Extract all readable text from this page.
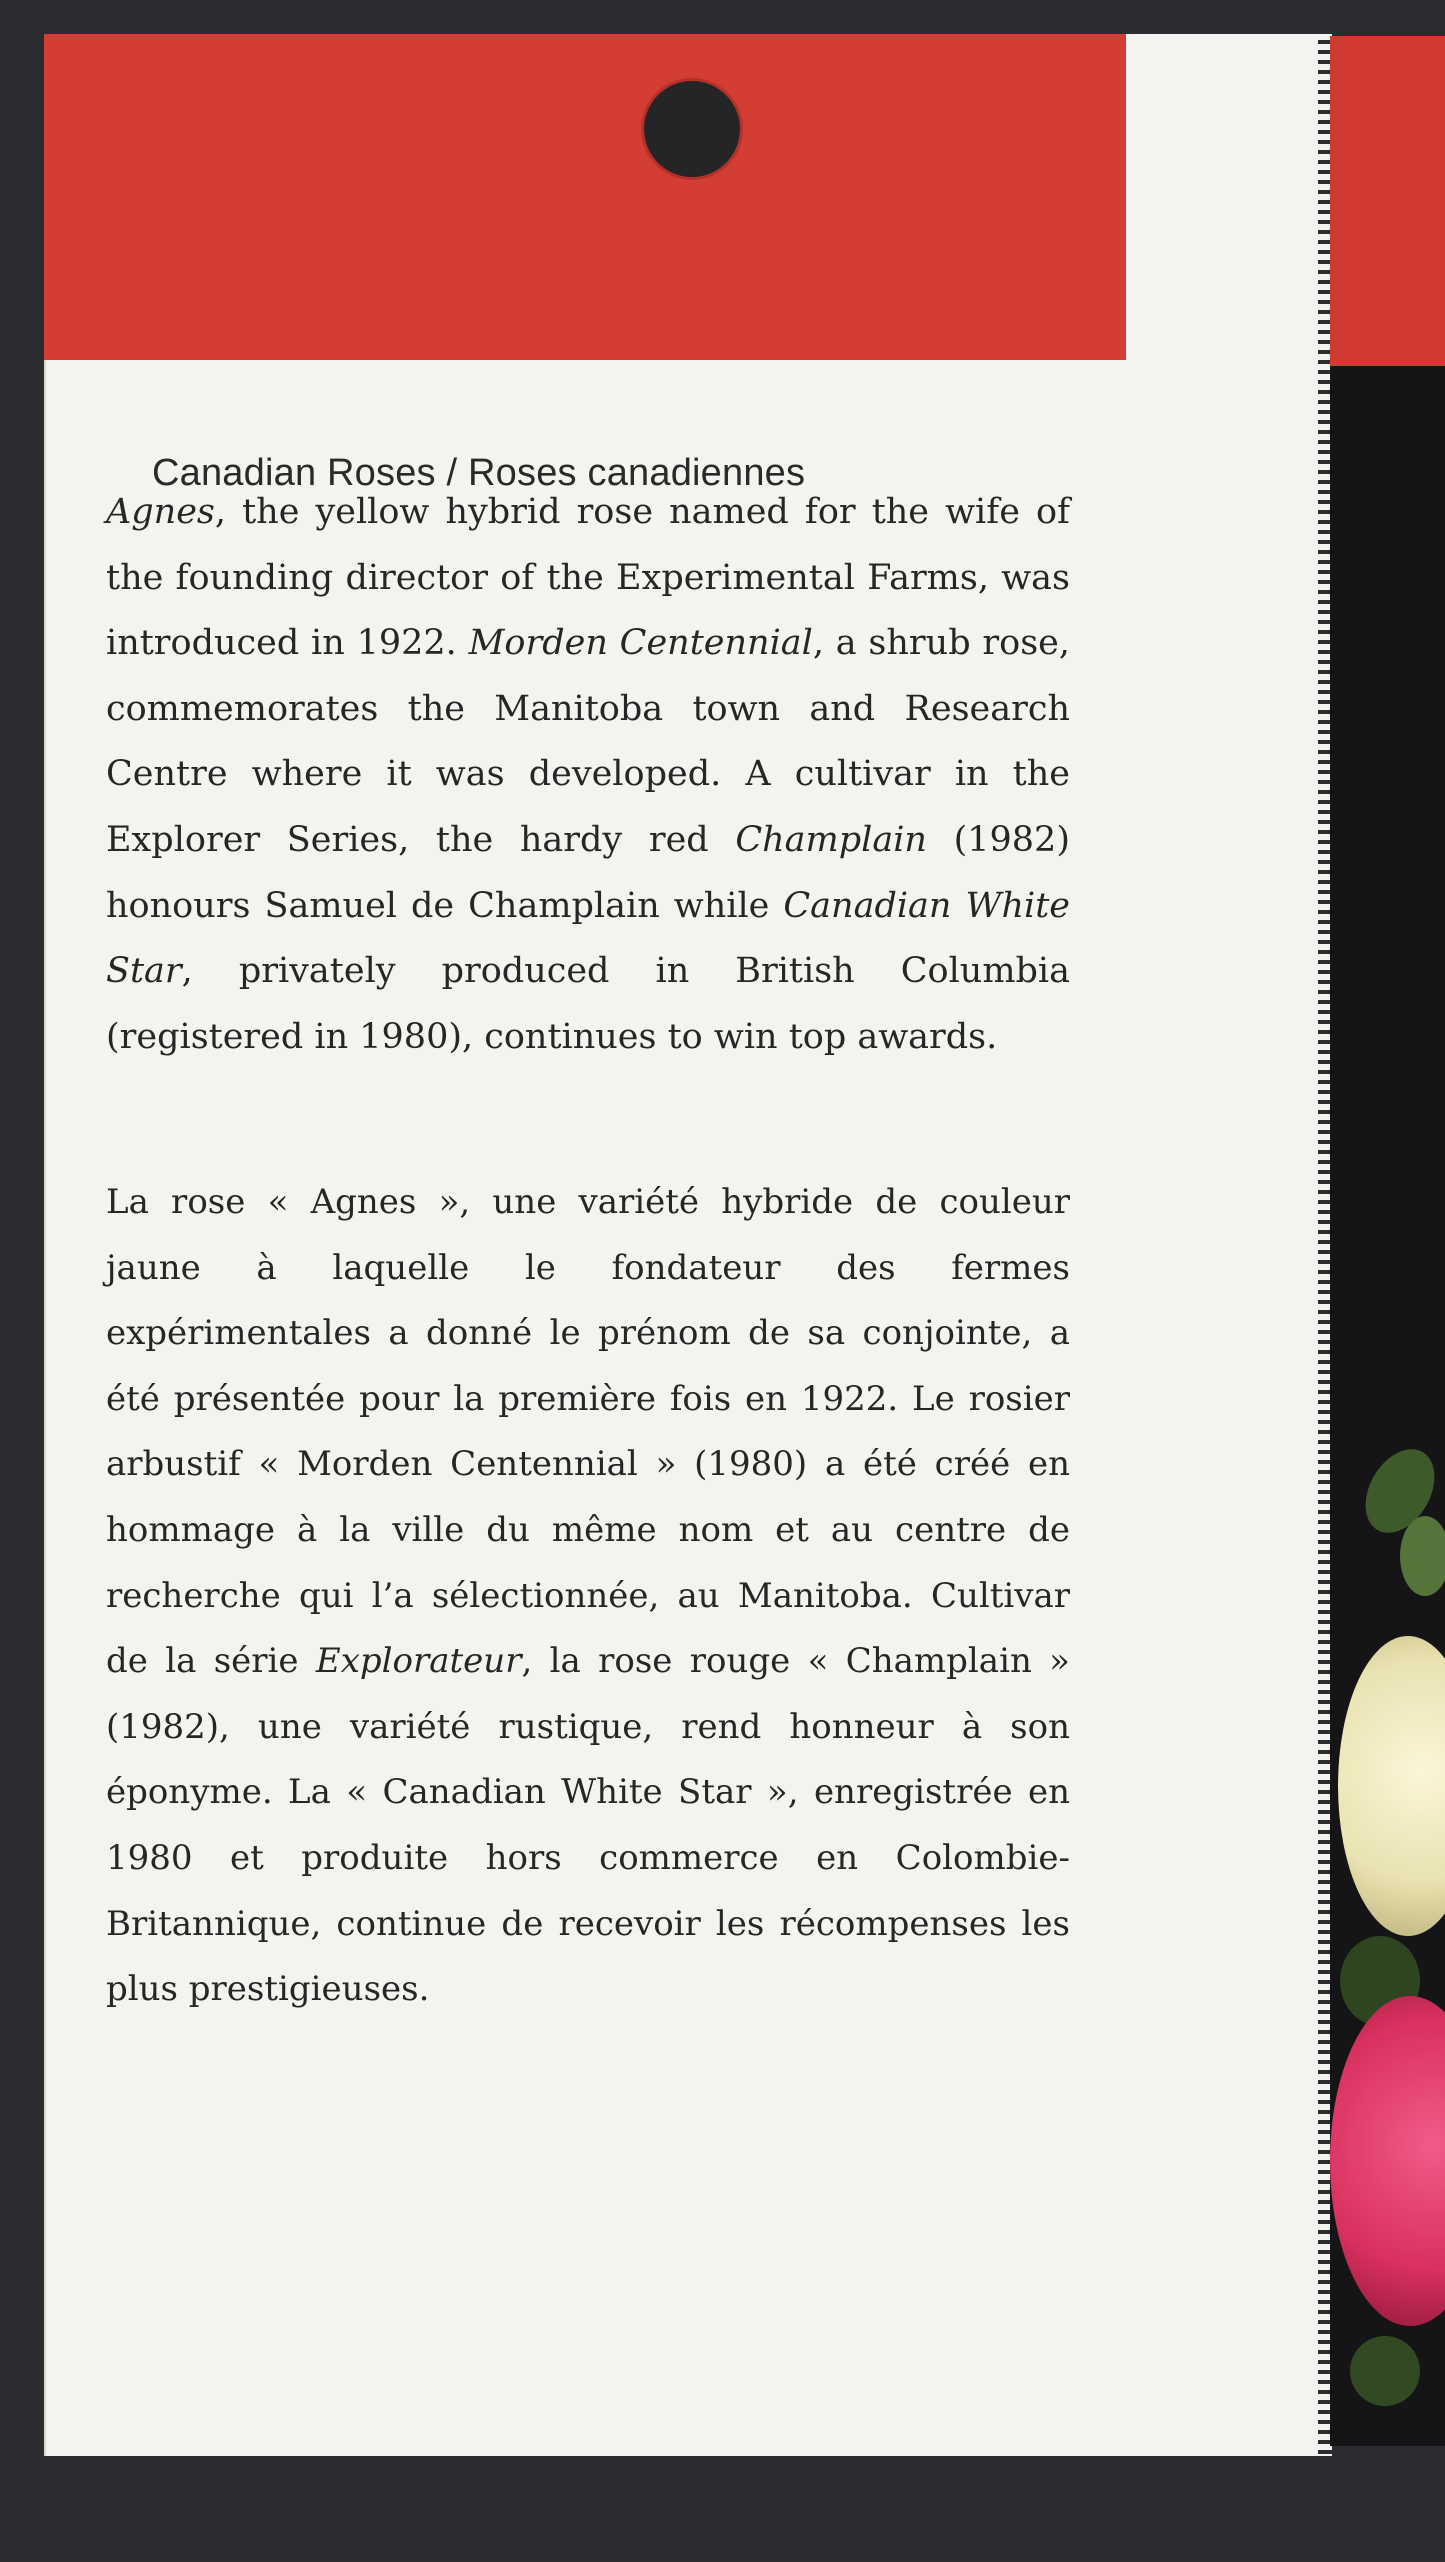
Canadian Roses / Roses canadiennes
Agnes, the yellow hybrid rose named for the wife of the founding director of the Experimental Farms, was introduced in 1922. Morden Centennial, a shrub rose, commemorates the Manitoba town and Research Centre where it was developed. A cultivar in the Explorer Series, the hardy red Champlain (1982) honours Samuel de Champlain while Canadian White Star, privately produced in British Columbia (registered in 1980), continues to win top awards.
La rose « Agnes », une variété hybride de couleur jaune à laquelle le fondateur des fermes expérimentales a donné le prénom de sa conjointe, a été présentée pour la première fois en 1922. Le rosier arbustif « Morden Centennial » (1980) a été créé en hommage à la ville du même nom et au centre de recherche qui l’a sélectionnée, au Manitoba. Cultivar de la série Explorateur, la rose rouge « Champlain » (1982), une variété rustique, rend honneur à son éponyme. La « Canadian White Star », enregistrée en 1980 et produite hors commerce en Colombie-Britannique, continue de recevoir les récompenses les plus prestigieuses.
